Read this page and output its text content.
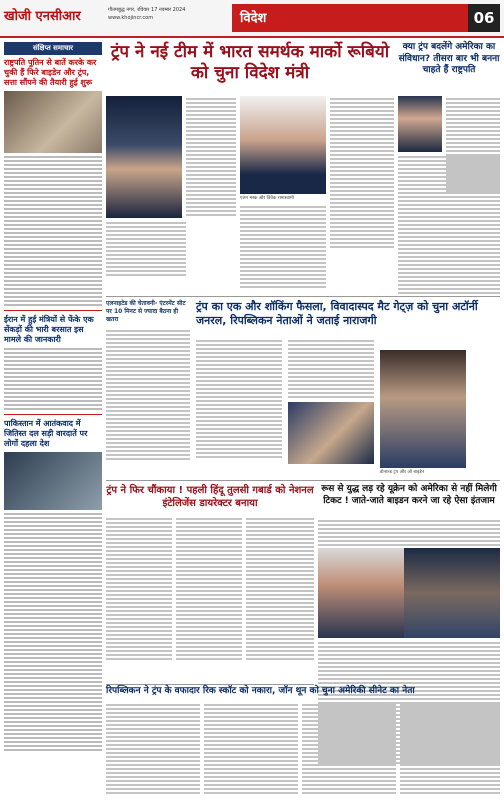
खोजी एनसीआर	गौतमबुद्ध नगर, रविवार 17 नवम्बर 2024
www.khojincr.com	विदेश	06
संक्षिप्त समाचार
राष्ट्रपति पुतिन से बातें करके कर चुकी हैं फिरे बाइडेन और ट्रंप, सत्ता सौंपने की तैयारी हुई शुरू
ईरान में हुई मंत्रियों से फेंके एक सेंकड़ों की भारी बरसात इस मामले की जानकारी
पाकिस्तान में आतंकवाद में जितिस्त दल सड़ी वारदातें पर लोगों दहला देश
ट्रंप ने नई टीम में भारत समर्थक मार्को रूबियो को चुना विदेश मंत्री
एलन मस्क और विवेक रामास्वामी
क्या ट्रंप बदलेंगे अमेरिका का संविधान? तीसरा बार भी बनना चाहते हैं राष्ट्रपति
एलनाइटेड की चेतावनी- एंटरमेंट सीट पर 10 मिनट से ज्यादा बैठना ही खतरा
ट्रंप का एक और शॉकिंग फैसला, विवादास्पद मैट गेट्ज़ को चुना अटॉर्नी जनरल, रिपब्लिकन नेताओं ने जताई नाराजगी
डोनाल्ड ट्रंप और जो बाइडेन
ट्रंप ने फिर चौंकाया ! पहली हिंदू तुलसी गबार्ड को नेशनल इंटेलिजेंस डायरेक्टर बनाया
रूस से युद्ध लड़ रहे यूक्रेन को अमेरिका से नहीं मिलेगी टिकट ! जाते-जाते बाइडन करने जा रहे ऐसा इंतजाम
रिपब्लिकन ने ट्रंप के वफादार रिक स्कॉट को नकारा, जॉन थून को चुना अमेरिकी सीनेट का नेता
